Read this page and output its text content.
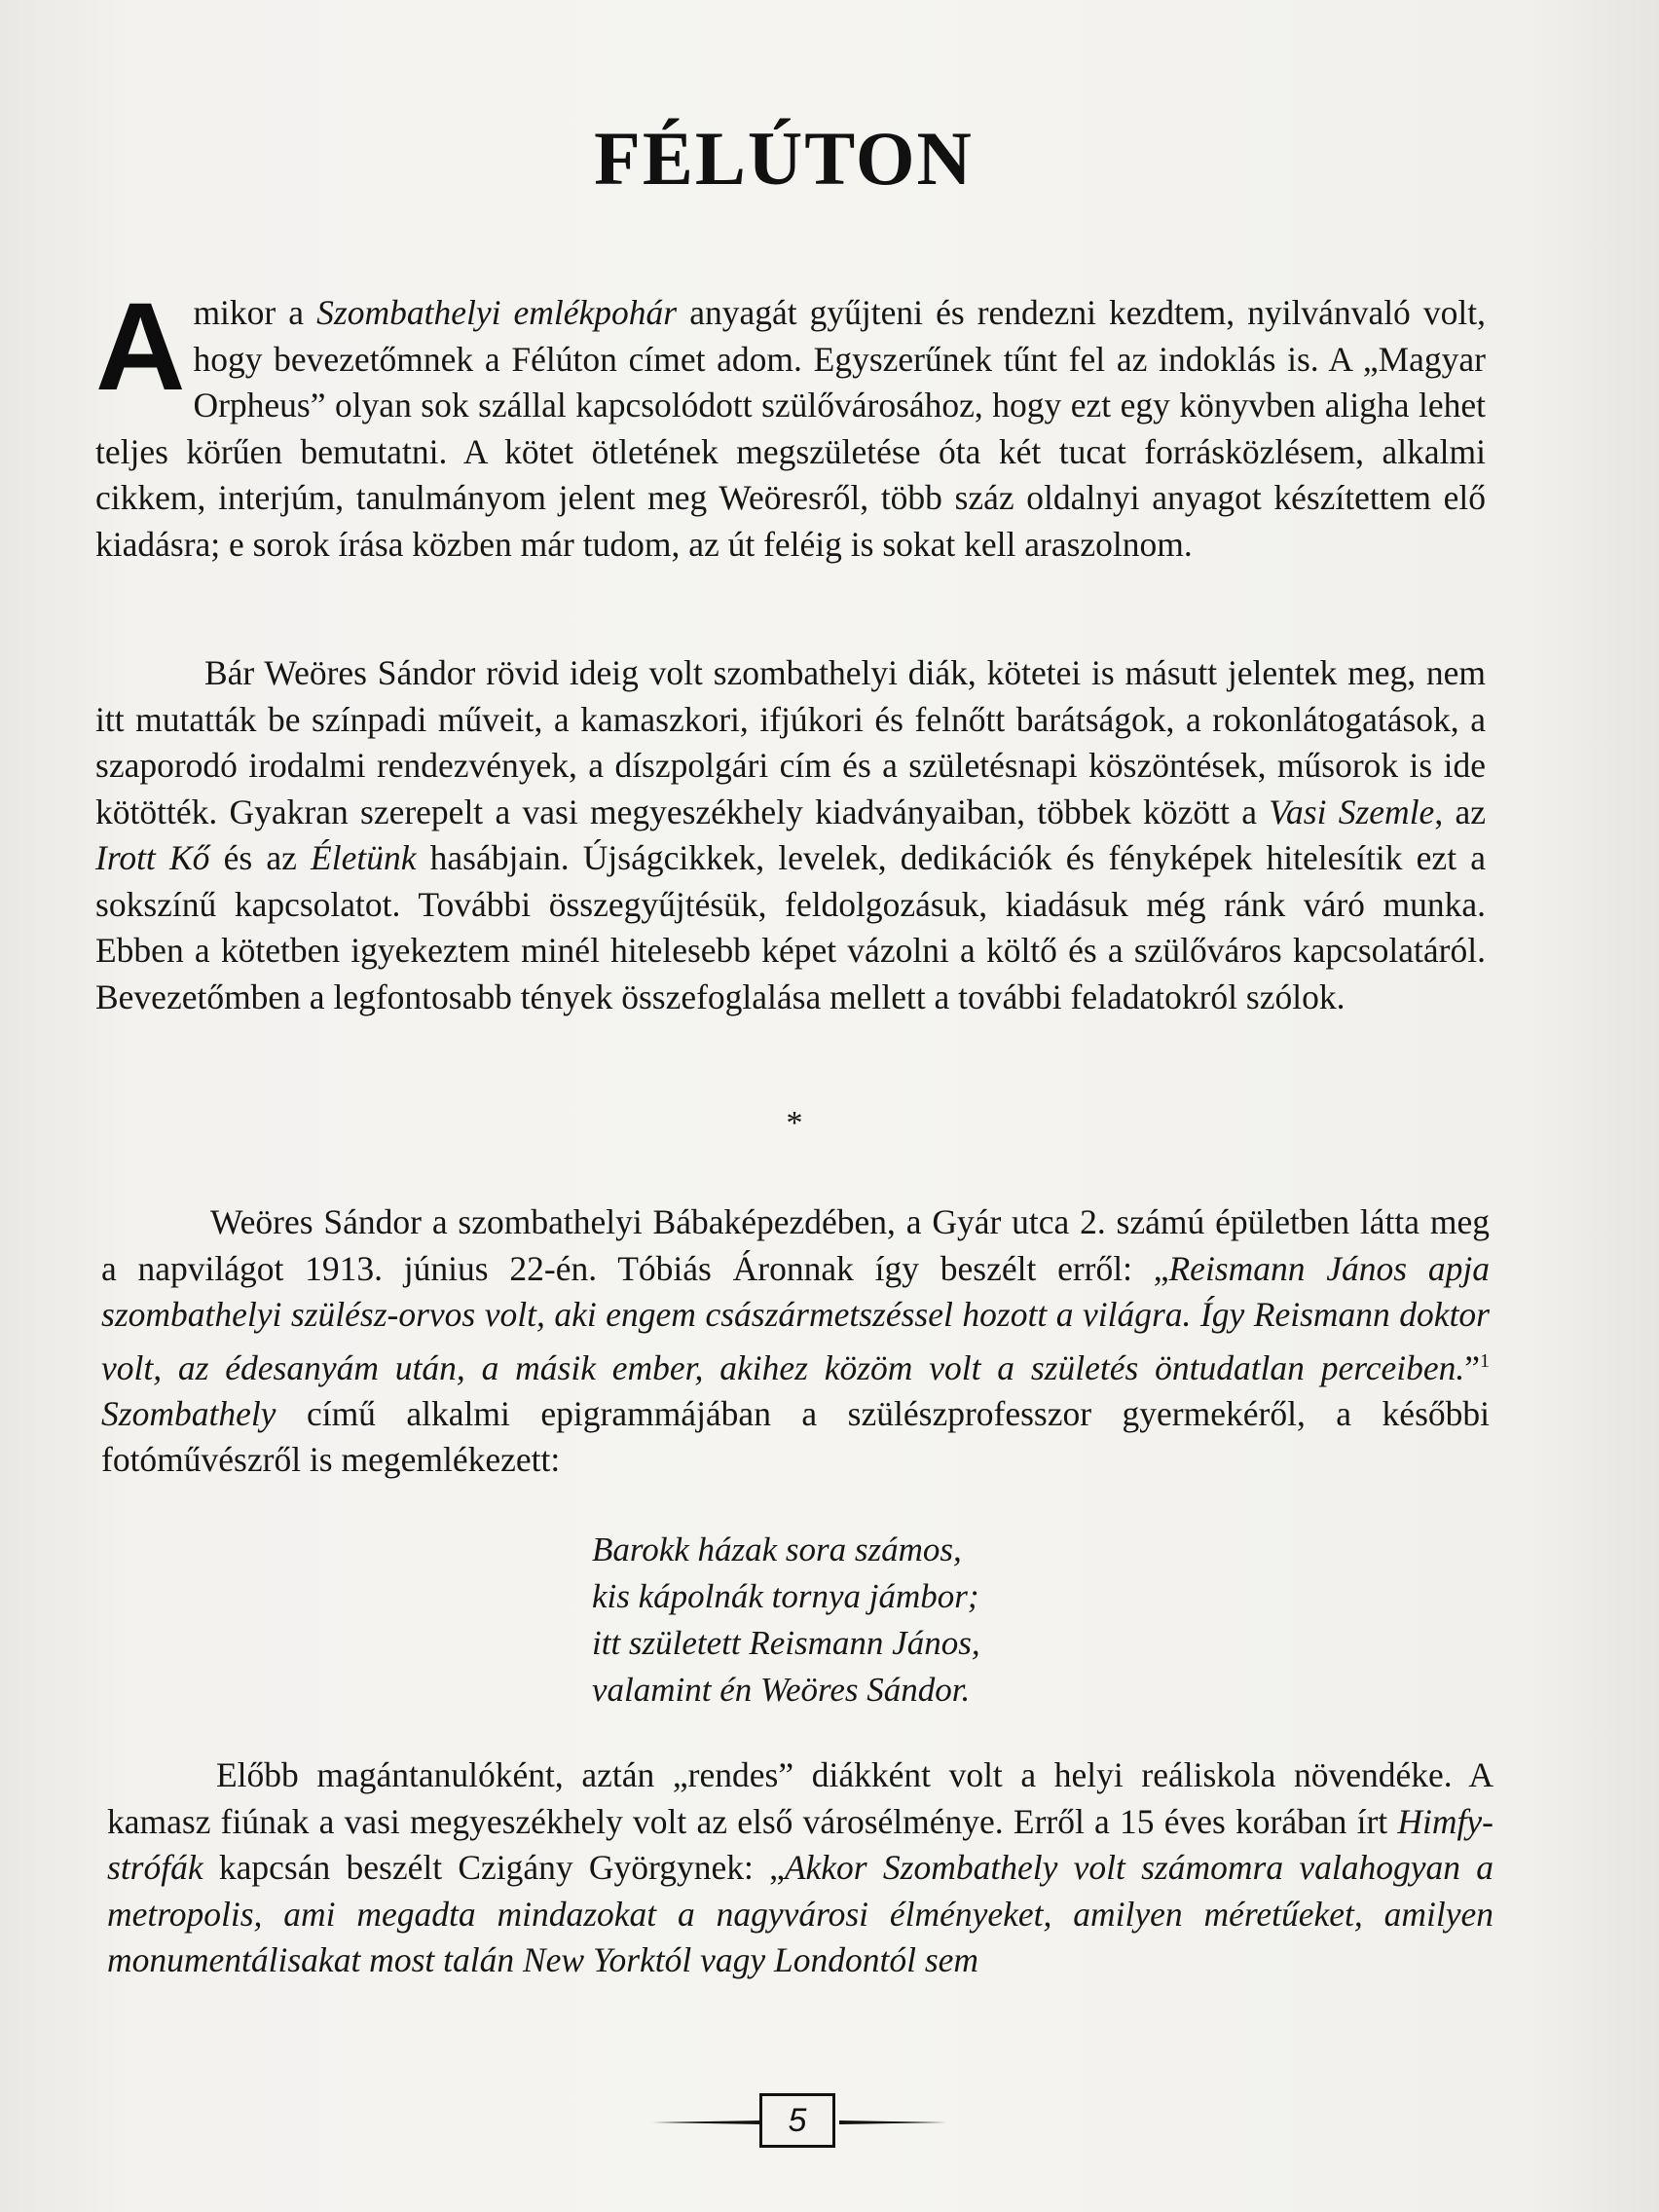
FÉLÚTON

Amikor a Szombathelyi emlékpohár anyagát gyűjteni és rendezni kezdtem, nyilvánvaló volt, hogy bevezetőmnek a Félúton címet adom. Egyszerűnek tűnt fel az indoklás is. A „Magyar Orpheus” olyan sok szállal kapcsolódott szülővárosához, hogy ezt egy könyvben aligha lehet teljes körűen bemutatni. A kötet ötletének megszületése óta két tucat forrásközlésem, alkalmi cikkem, interjúm, tanulmányom jelent meg Weöresről, több száz oldalnyi anyagot készítettem elő kiadásra; e sorok írása közben már tudom, az út feléig is sokat kell araszolnom.

Bár Weöres Sándor rövid ideig volt szombathelyi diák, kötetei is másutt jelentek meg, nem itt mutatták be színpadi műveit, a kamaszkori, ifjúkori és felnőtt barátságok, a rokonlátogatások, a szaporodó irodalmi rendezvények, a díszpolgári cím és a születésnapi köszöntések, műsorok is ide kötötték. Gyakran szerepelt a vasi megyeszékhely kiadványaiban, többek között a Vasi Szemle, az Irott Kő és az Életünk hasábjain. Újságcikkek, levelek, dedikációk és fényképek hitelesítik ezt a sokszínű kapcsolatot. További összegyűjtésük, feldolgozásuk, kiadásuk még ránk váró munka. Ebben a kötetben igyekeztem minél hitelesebb képet vázolni a költő és a szülőváros kapcsolatáról. Bevezetőmben a legfontosabb tények összefoglalása mellett a további feladatokról szólok.

*

Weöres Sándor a szombathelyi Bábaképezdében, a Gyár utca 2. számú épületben látta meg a napvilágot 1913. június 22-én. Tóbiás Áronnak így beszélt erről: „Reismann János apja szombathelyi szülész-orvos volt, aki engem császármetszéssel hozott a világra. Így Reismann doktor volt, az édesanyám után, a másik ember, akihez közöm volt a születés öntudatlan perceiben.”$^1$ Szombathely című alkalmi epigrammájában a szülészprofesszor gyermekéről, a későbbi fotóművészről is megemlékezett:

Barokk házak sora számos,
kis kápolnák tornya jámbor;
itt született Reismann János,
valamint én Weöres Sándor.

Előbb magántanulóként, aztán „rendes” diákként volt a helyi reáliskola növendéke. A kamasz fiúnak a vasi megyeszékhely volt az első városélménye. Erről a 15 éves korában írt Himfy-strófák kapcsán beszélt Czigány Györgynek: „Akkor Szombathely volt számomra valahogyan a metropolis, ami megadta mindazokat a nagyvárosi élményeket, amilyen méretűeket, amilyen monumentálisakat most talán New Yorktól vagy Londontól sem

5
